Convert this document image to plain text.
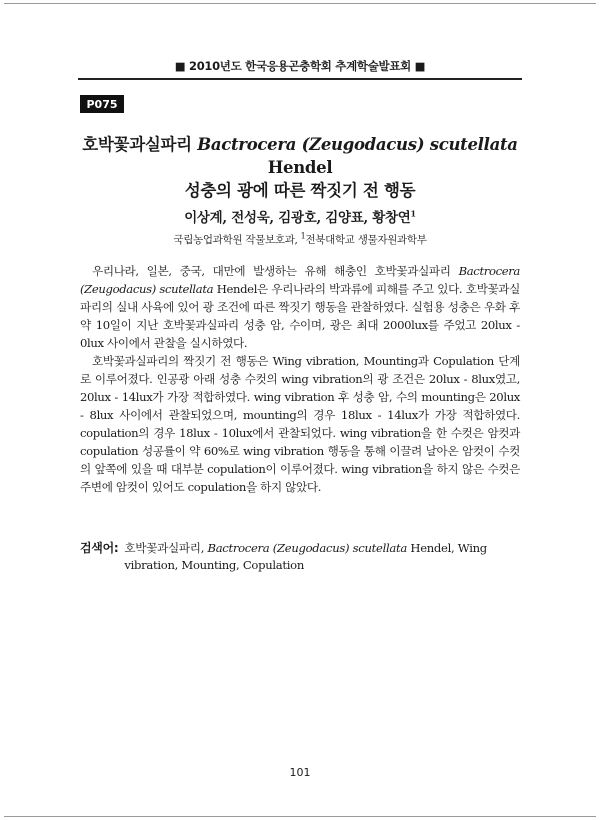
■ 2010년도 한국응용곤충학회 추계학술발표회 ■
P075
호박꽃과실파리 Bactrocera (Zeugodacus) scutellata Hendel
성충의 광에 따른 짝짓기 전 행동
이상계, 전성욱, 김광호, 김양표, 황창연$^1$
국립농업과학원 작물보호과, $^1$전북대학교 생물자원과학부

우리나라, 일본, 중국, 대만에 발생하는 유해 해충인 호박꽃과실파리 Bactrocera (Zeugodacus) scutellata Hendel은 우리나라의 박과류에 피해를 주고 있다. 호박꽃과실파리의 실내 사육에 있어 광 조건에 따른 짝짓기 행동을 관찰하였다. 실험용 성충은 우화 후 약 10일이 지난 호박꽃과실파리 성충 암, 수이며, 광은 최대 2000lux를 주었고 20lux - 0lux 사이에서 관찰을 실시하였다.

호박꽃과실파리의 짝짓기 전 행동은 Wing vibration, Mounting과 Copulation 단계로 이루어졌다. 인공광 아래 성충 수컷의 wing vibration의 광 조건은 20lux - 8lux였고, 20lux - 14lux가 가장 적합하였다. wing vibration 후 성충 암, 수의 mounting은 20lux - 8lux 사이에서 관찰되었으며, mounting의 경우 18lux - 14lux가 가장 적합하였다. copulation의 경우 18lux - 10lux에서 관찰되었다. wing vibration을 한 수컷은 암컷과 copulation 성공률이 약 60%로 wing vibration 행동을 통해 이끌려 날아온 암컷이 수컷의 앞쪽에 있을 때 대부분 copulation이 이루어졌다. wing vibration을 하지 않은 수컷은 주변에 암컷이 있어도 copulation을 하지 않았다.

검색어: 호박꽃과실파리, Bactrocera (Zeugodacus) scutellata Hendel, Wing vibration, Mounting, Copulation
101
